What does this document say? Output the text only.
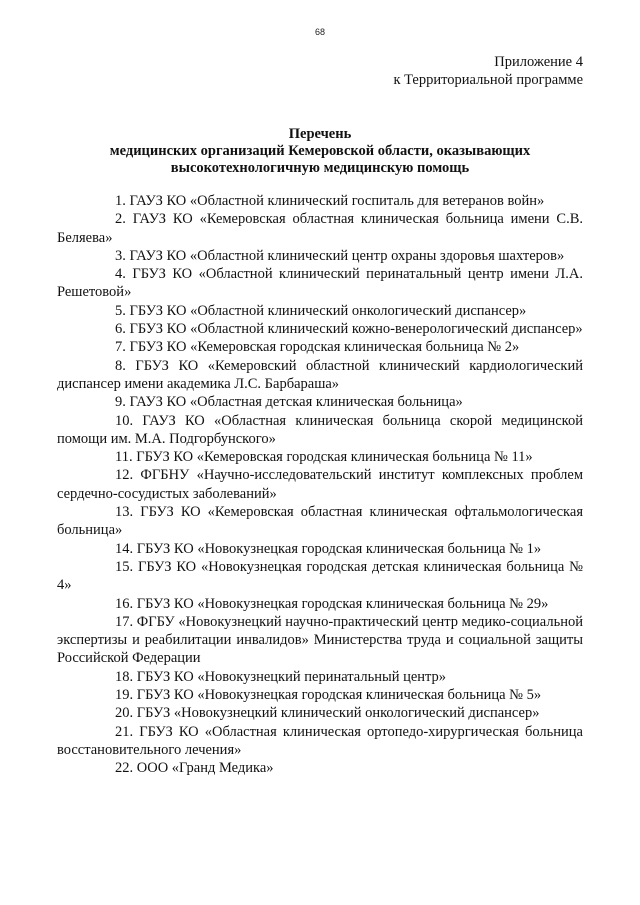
68
Приложение 4
к Территориальной программе
Перечень
медицинских организаций Кемеровской области, оказывающих
высокотехнологичную медицинскую помощь
1. ГАУЗ КО «Областной клинический госпиталь для ветеранов войн»
2. ГАУЗ КО «Кемеровская областная клиническая больница имени С.В. Беляева»
3. ГАУЗ КО «Областной клинический центр охраны здоровья шахтеров»
4. ГБУЗ КО «Областной клинический перинатальный центр имени Л.А. Решетовой»
5. ГБУЗ КО «Областной клинический онкологический диспансер»
6. ГБУЗ КО «Областной клинический кожно-венерологический диспансер»
7. ГБУЗ КО «Кемеровская городская клиническая больница № 2»
8. ГБУЗ КО «Кемеровский областной клинический кардиологический диспансер имени академика Л.С. Барбараша»
9. ГАУЗ КО «Областная детская клиническая больница»
10. ГАУЗ КО «Областная клиническая больница скорой медицинской помощи им. М.А. Подгорбунского»
11. ГБУЗ КО «Кемеровская городская клиническая больница № 11»
12. ФГБНУ «Научно-исследовательский институт комплексных проблем сердечно-сосудистых заболеваний»
13. ГБУЗ КО «Кемеровская областная клиническая офтальмологическая больница»
14. ГБУЗ КО «Новокузнецкая городская клиническая больница № 1»
15. ГБУЗ КО «Новокузнецкая городская детская клиническая больница № 4»
16. ГБУЗ КО «Новокузнецкая городская клиническая больница № 29»
17. ФГБУ «Новокузнецкий научно-практический центр медико-социальной экспертизы и реабилитации инвалидов» Министерства труда и социальной защиты Российской Федерации
18. ГБУЗ КО «Новокузнецкий перинатальный центр»
19. ГБУЗ КО «Новокузнецкая городская клиническая больница № 5»
20. ГБУЗ «Новокузнецкий клинический онкологический диспансер»
21. ГБУЗ КО «Областная клиническая ортопедо-хирургическая больница восстановительного лечения»
22. ООО «Гранд Медика»
